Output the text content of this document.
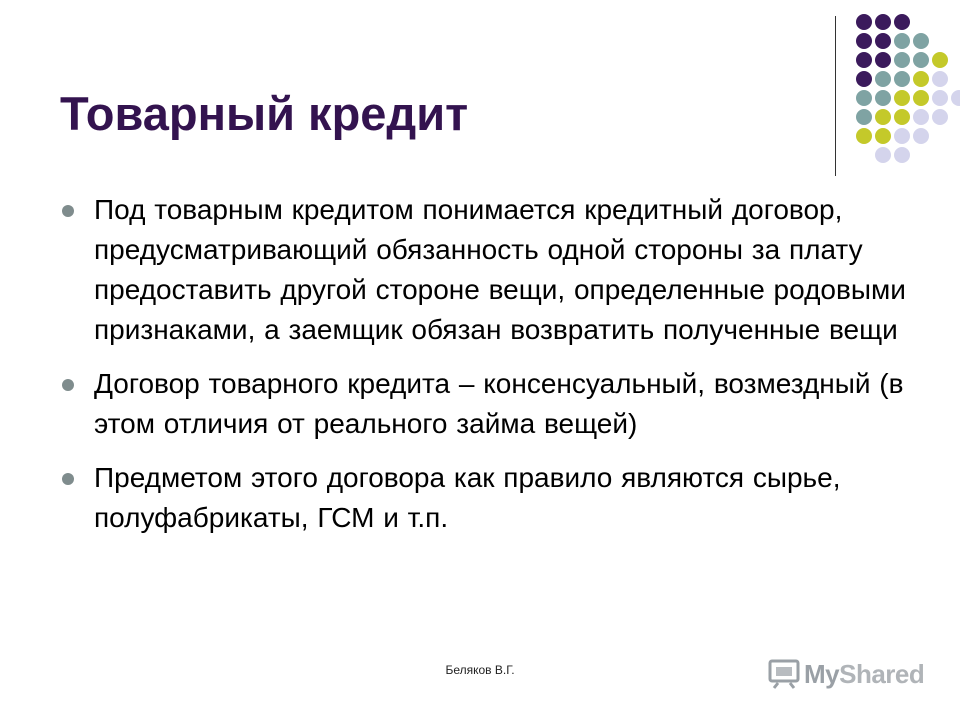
Товарный кредит
Под товарным кредитом понимается кредитный договор, предусматривающий обязанность одной стороны за плату предоставить другой стороне вещи, определенные родовыми признаками, а заемщик обязан возвратить полученные вещи
Договор товарного кредита – консенсуальный, возмездный (в этом отличия от реального займа вещей)
Предметом этого договора как правило являются сырье, полуфабрикаты, ГСМ и т.п.
Беляков В.Г.	MyShared
